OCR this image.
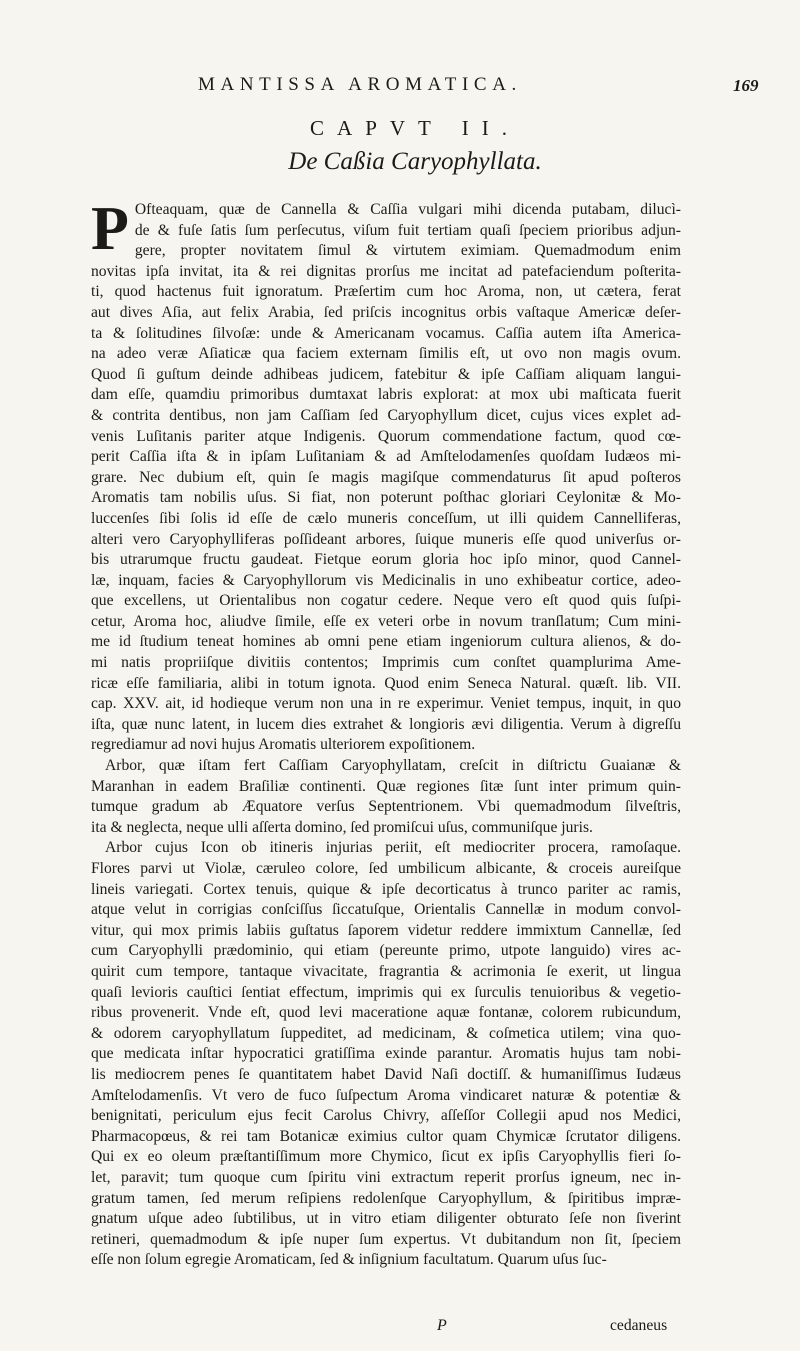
MANTISSA AROMATICA.	169
CAPVT II.
De Caßia Caryophyllata.
P Ofteaquam, quæ de Cannella & Caſſia vulgari mihi dicenda putabam, dilucì-
de & fuſe ſatis ſum perſecutus, viſum fuit tertiam quaſi ſpeciem prioribus adjun-
gere, propter novitatem ſimul & virtutem eximiam. Quemadmodum enim
novitas ipſa invitat, ita & rei dignitas prorſus me incitat ad patefaciendum poſterita-
ti, quod hactenus fuit ignoratum. Præſertim cum hoc Aroma, non, ut cætera, ferat
aut dives Aſia, aut felix Arabia, ſed priſcis incognitus orbis vaſtaque Americæ deſer-
ta & ſolitudines ſilvoſæ: unde & Americanam vocamus. Caſſia autem iſta America-
na adeo veræ Aſiaticæ qua faciem externam ſimilis eſt, ut ovo non magis ovum.
Quod ſi guſtum deinde adhibeas judicem, fatebitur & ipſe Caſſiam aliquam langui-
dam eſſe, quamdiu primoribus dumtaxat labris explorat: at mox ubi maſticata fuerit
& contrita dentibus, non jam Caſſiam ſed Caryophyllum dicet, cujus vices explet ad-
venis Luſitanis pariter atque Indigenis. Quorum commendatione factum, quod cœ-
perit Caſſia iſta & in ipſam Luſitaniam & ad Amſtelodamenſes quoſdam Iudæos mi-
grare. Nec dubium eſt, quin ſe magis magiſque commendaturus ſit apud poſteros
Aromatis tam nobilis uſus. Si fiat, non poterunt poſthac gloriari Ceylonitæ & Mo-
luccenſes ſibi ſolis id eſſe de cælo muneris conceſſum, ut illi quidem Cannelliferas,
alteri vero Caryophylliferas poſſideant arbores, ſuique muneris eſſe quod univerſus or-
bis utrarumque fructu gaudeat. Fietque eorum gloria hoc ipſo minor, quod Cannel-
læ, inquam, facies & Caryophyllorum vis Medicinalis in uno exhibeatur cortice, adeo-
que excellens, ut Orientalibus non cogatur cedere. Neque vero eſt quod quis ſuſpi-
cetur, Aroma hoc, aliudve ſimile, eſſe ex veteri orbe in novum tranſlatum; Cum mini-
me id ſtudium teneat homines ab omni pene etiam ingeniorum cultura alienos, & do-
mi natis propriiſque divitiis contentos; Imprimis cum conſtet quamplurima Ame-
ricæ eſſe familiaria, alibi in totum ignota. Quod enim Seneca Natural. quæſt. lib. VII.
cap. XXV. ait, id hodieque verum non una in re experimur. Veniet tempus, inquit, in quo
iſta, quæ nunc latent, in lucem dies extrahet & longioris ævi diligentia. Verum à digreſſu
regrediamur ad novi hujus Aromatis ulteriorem expoſitionem.
Arbor, quæ iſtam fert Caſſiam Caryophyllatam, creſcit in diſtrictu Guaianæ &
Maranhan in eadem Braſiliæ continenti. Quæ regiones ſitæ ſunt inter primum quin-
tumque gradum ab Æquatore verſus Septentrionem. Vbi quemadmodum ſilveſtris,
ita & neglecta, neque ulli aſſerta domino, ſed promiſcui uſus, communiſque juris.
Arbor cujus Icon ob itineris injurias periit, eſt mediocriter procera, ramoſaque.
Flores parvi ut Violæ, cæruleo colore, ſed umbilicum albicante, & croceis aureiſque
lineis variegati. Cortex tenuis, quique & ipſe decorticatus à trunco pariter ac ramis,
atque velut in corrigias conſciſſus ſiccatuſque, Orientalis Cannellæ in modum convol-
vitur, qui mox primis labiis guſtatus ſaporem videtur reddere immixtum Cannellæ, ſed
cum Caryophylli prædominio, qui etiam (pereunte primo, utpote languido) vires ac-
quirit cum tempore, tantaque vivacitate, fragrantia & acrimonia ſe exerit, ut lingua
quaſi levioris cauſtici ſentiat effectum, imprimis qui ex ſurculis tenuioribus & vegetio-
ribus provenerit. Vnde eſt, quod levi maceratione aquæ fontanæ, colorem rubicundum,
& odorem caryophyllatum ſuppeditet, ad medicinam, & coſmetica utilem; vina quo-
que medicata inſtar hypocratici gratiſſima exinde parantur. Aromatis hujus tam nobi-
lis mediocrem penes ſe quantitatem habet David Naſi doctiſſ. & humaniſſimus Iudæus
Amſtelodamenſis. Vt vero de fuco ſuſpectum Aroma vindicaret naturæ & potentiæ &
benignitati, periculum ejus fecit Carolus Chivry, aſſeſſor Collegii apud nos Medici,
Pharmacopœus, & rei tam Botanicæ eximius cultor quam Chymicæ ſcrutator diligens.
Qui ex eo oleum præſtantiſſimum more Chymico, ſicut ex ipſis Caryophyllis fieri ſo-
let, paravit; tum quoque cum ſpiritu vini extractum reperit prorſus igneum, nec in-
gratum tamen, ſed merum reſipiens redolenſque Caryophyllum, & ſpiritibus impræ-
gnatum uſque adeo ſubtilibus, ut in vitro etiam diligenter obturato ſeſe non ſiverint
retineri, quemadmodum & ipſe nuper ſum expertus. Vt dubitandum non ſit, ſpeciem
eſſe non ſolum egregie Aromaticam, ſed & inſignium facultatum. Quarum uſus ſuc-
P	cedaneus
